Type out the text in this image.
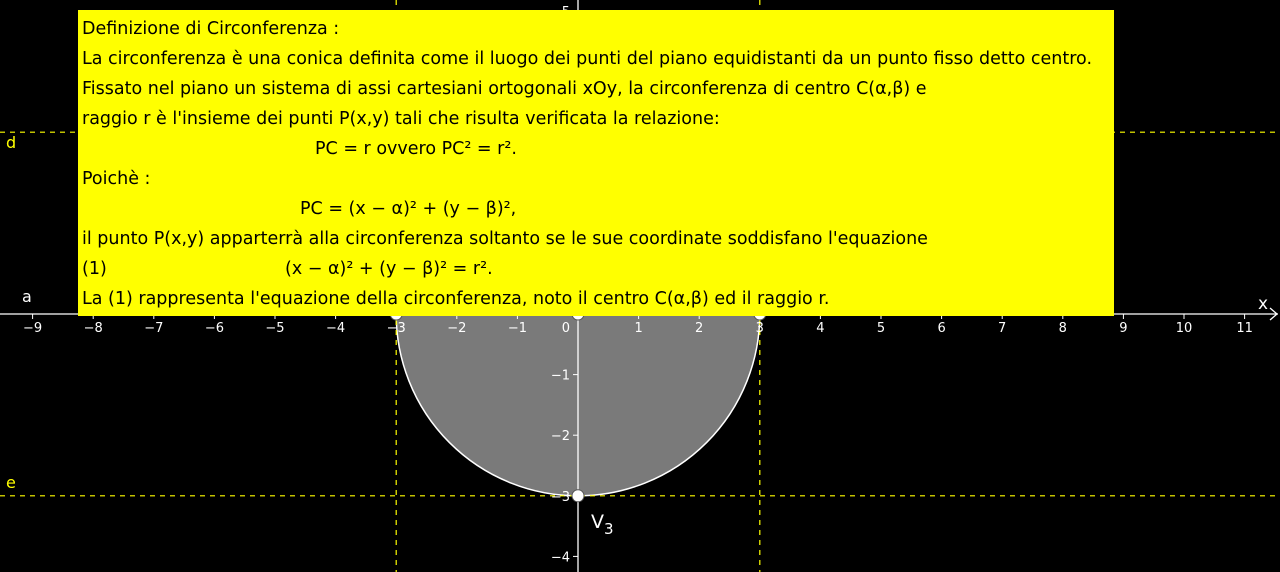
−9	−8	−7	−6	−5	−4	−3	−2	−1	1	2	3	4	5	6	7	8	9	10	11
−1
−2
−3
−4
x
0
a
d
e
$V_3$
Definizione di Circonferenza :
La circonferenza è una conica definita come il luogo dei punti del piano equidistanti da un punto fisso detto centro.
Fissato nel piano un sistema di assi cartesiani ortogonali xOy, la circonferenza di centro C(α,β) e
raggio r è l'insieme dei punti P(x,y) tali che risulta verificata la relazione:
PC = r ovvero PC² = r².
Poichè :
PC = (x − α)² + (y − β)²,
il punto P(x,y) apparterrà alla circonferenza soltanto se le sue coordinate soddisfano l'equazione
(1)	(x − α)² + (y − β)² = r².
La (1) rappresenta l'equazione della circonferenza, noto il centro C(α,β) ed il raggio r.
